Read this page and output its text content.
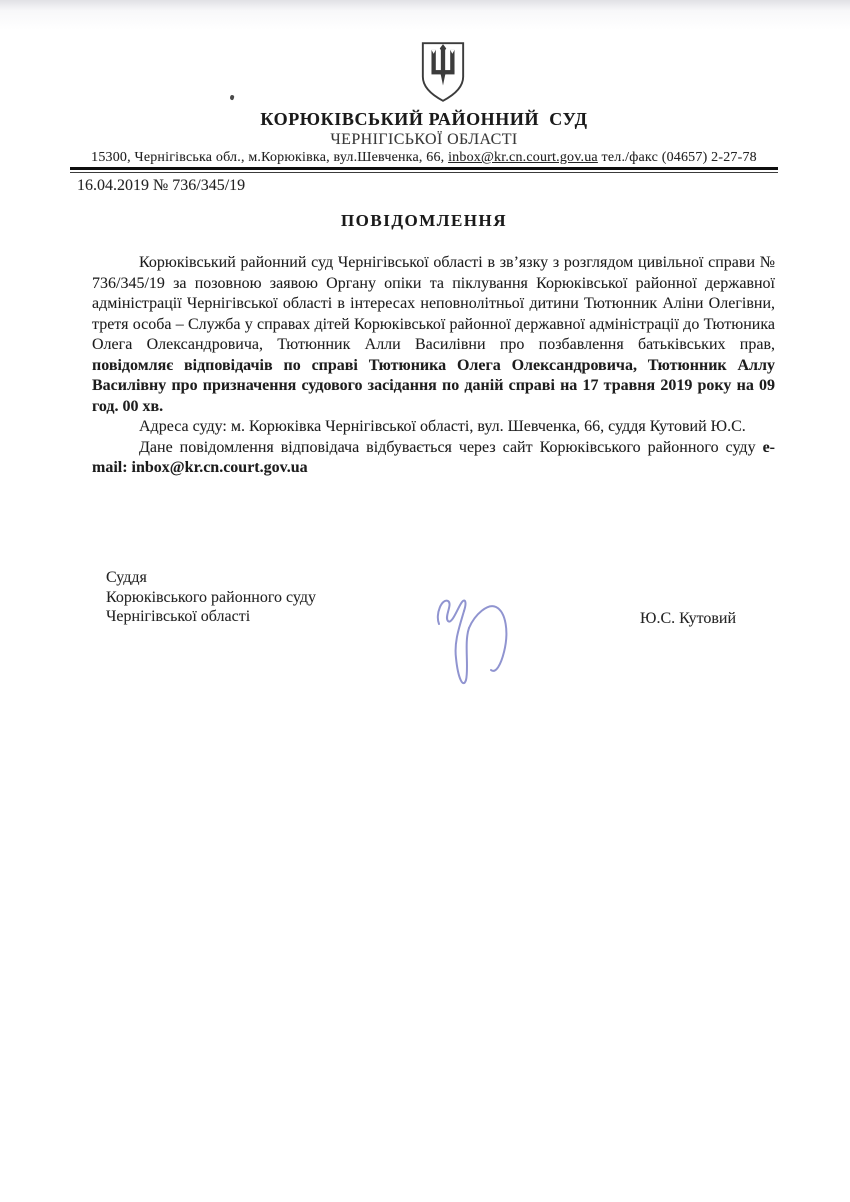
КОРЮКІВСЬКИЙ РАЙОННИЙ  СУД
ЧЕРНІГІСЬКОЇ ОБЛАСТІ
15300, Чернігівська обл., м.Корюківка, вул.Шевченка, 66, inbox@kr.cn.court.gov.ua тел./факс (04657) 2-27-78
16.04.2019 № 736/345/19
ПОВІДОМЛЕННЯ

Корюківський районний суд Чернігівської області в зв’язку з розглядом цивільної справи № 736/345/19 за позовною заявою Органу опіки та піклування Корюківської районної державної адміністрації Чернігівської області в інтересах неповнолітньої дитини Тютюнник Аліни Олегівни, третя особа – Служба у справах дітей Корюківської районної державної адміністрації до Тютюника Олега Олександровича, Тютюнник Алли Василівни про позбавлення батьківських прав, повідомляє відповідачів по справі Тютюника Олега Олександровича, Тютюнник Аллу Василівну про призначення судового засідання по даній справі на 17 травня 2019 року на 09 год. 00 хв.

Адреса суду: м. Корюківка Чернігівської області, вул. Шевченка, 66, суддя Кутовий Ю.С.

Дане повідомлення відповідача відбувається через сайт Корюківського районного суду e-mail: inbox@kr.cn.court.gov.ua

Суддя
Корюківського районного суду
Чернігівської області	Ю.С. Кутовий
